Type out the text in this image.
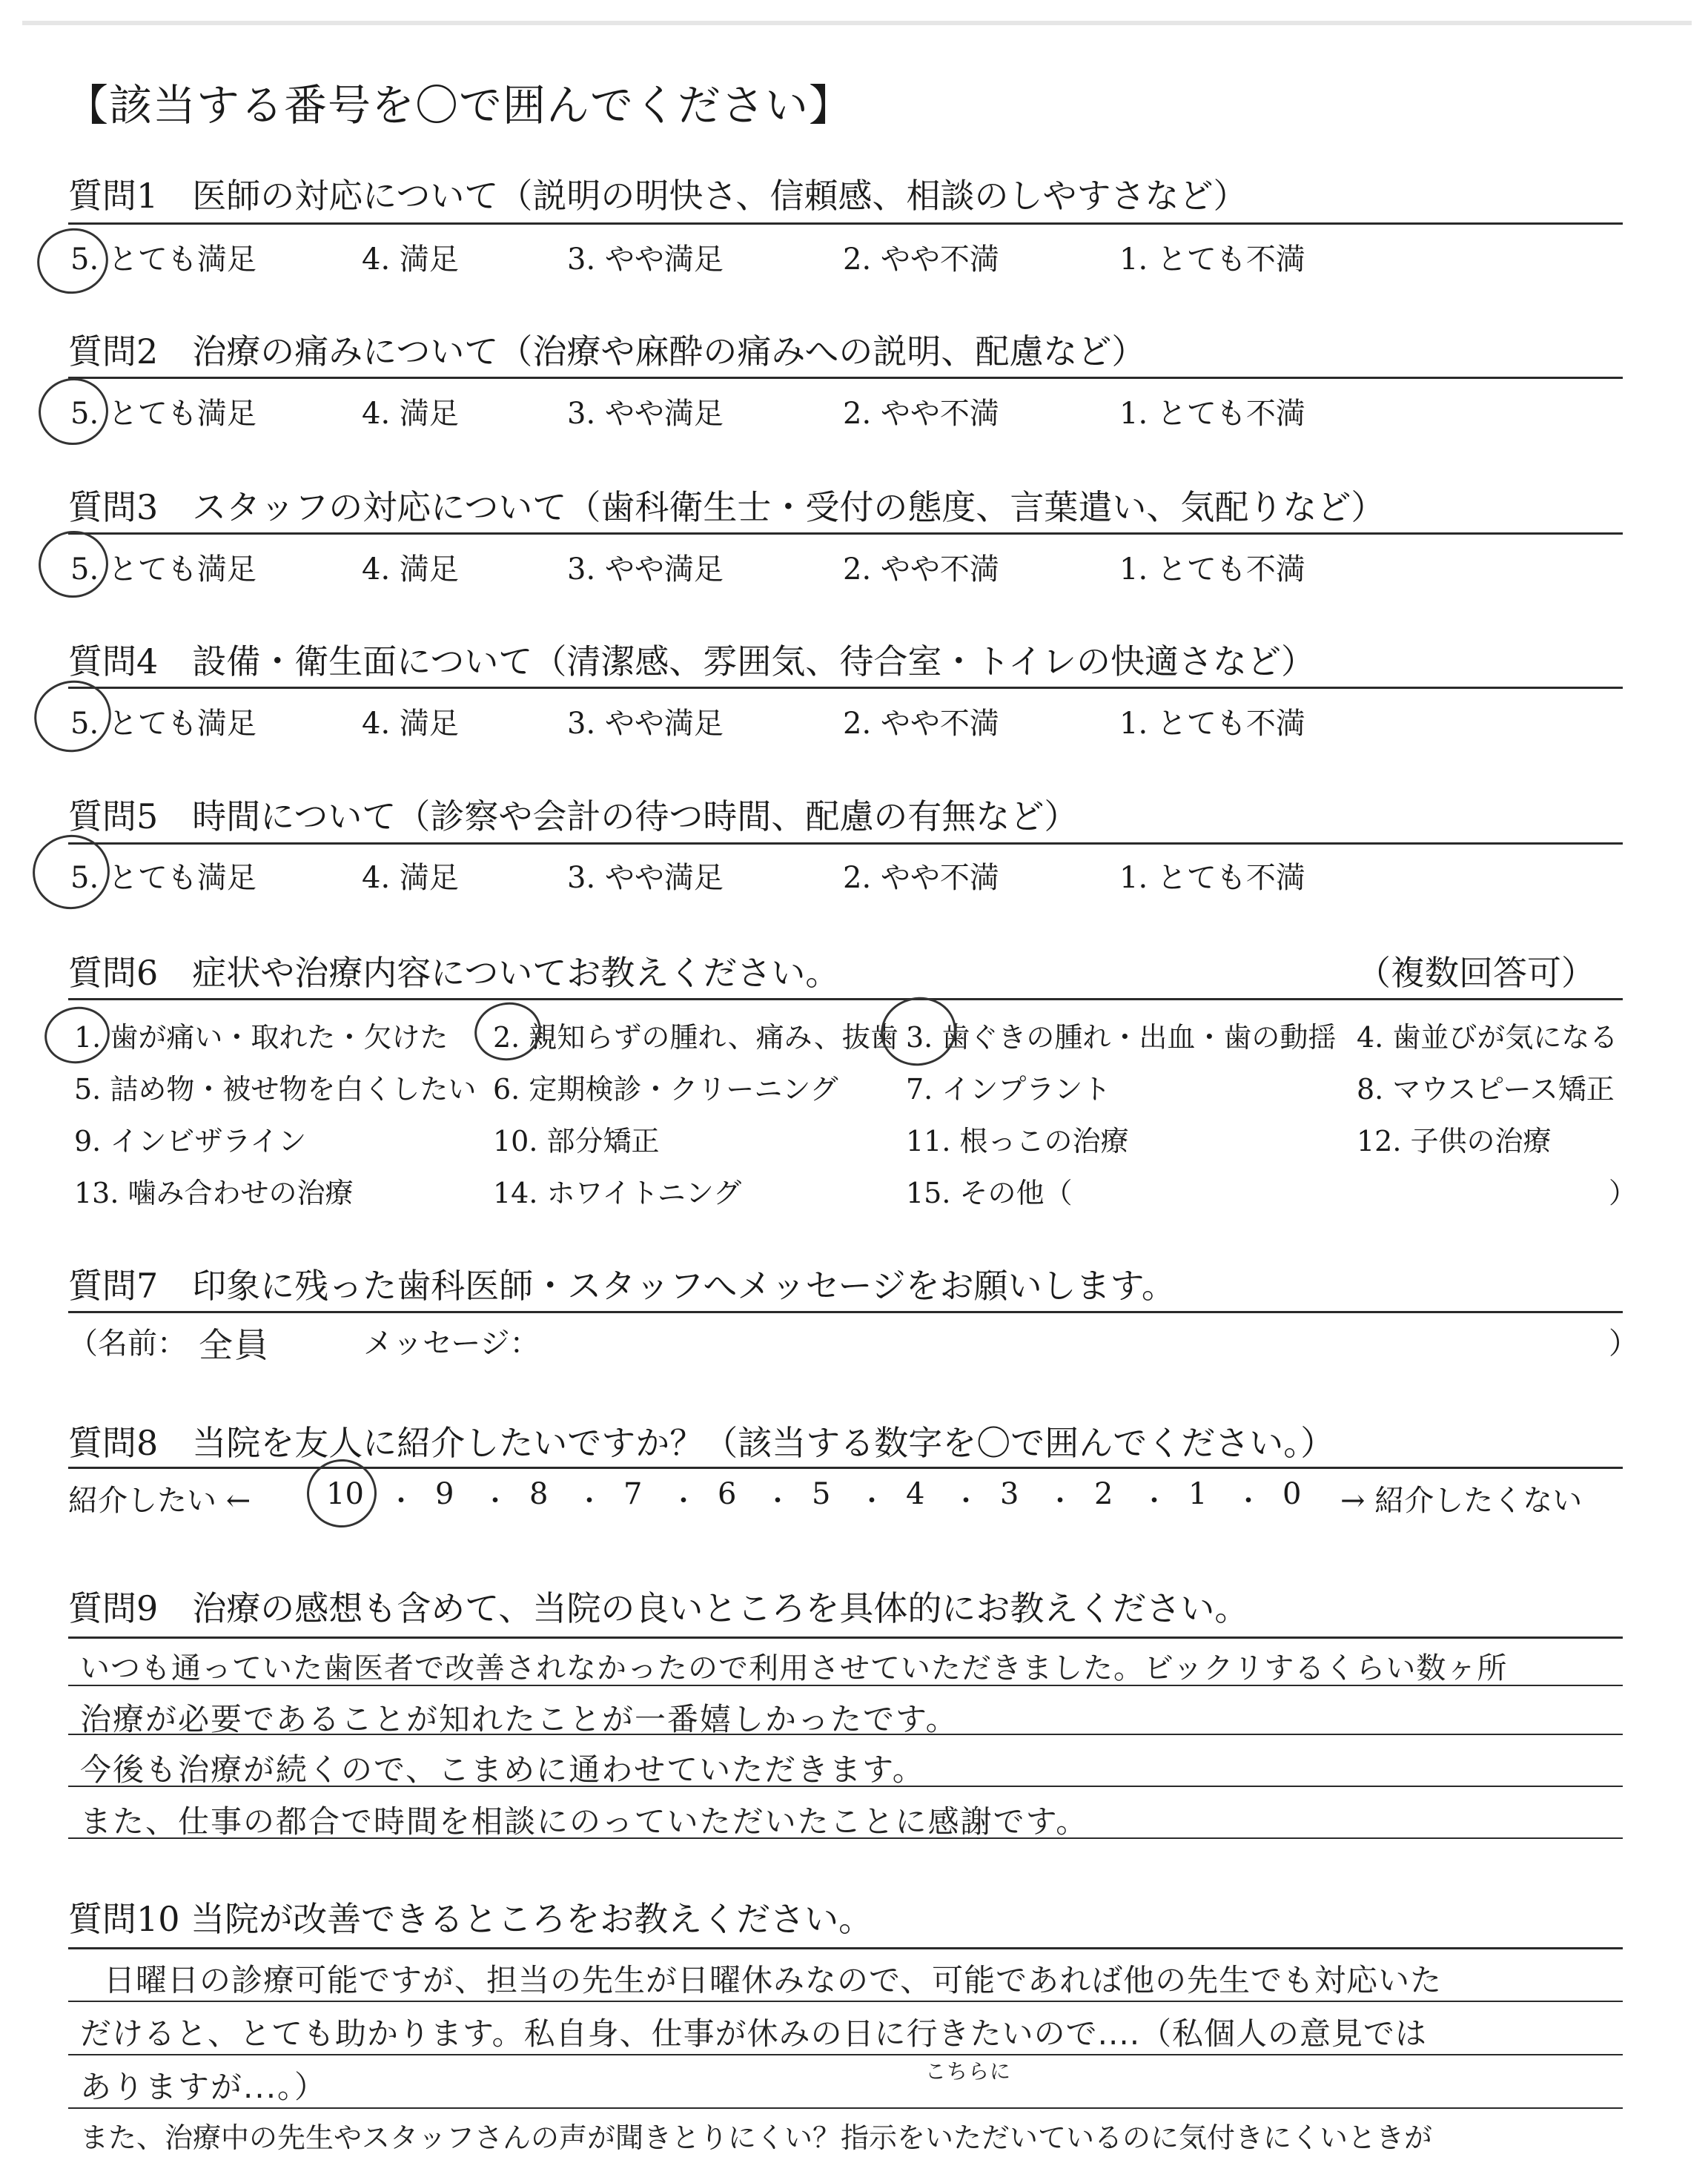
【該当する番号を〇で囲んでください】
質問1　医師の対応について（説明の明快さ、信頼感、相談のしやすさなど）
5. とても満足	4. 満足	3. やや満足	2. やや不満	1. とても不満
質問2　治療の痛みについて（治療や麻酔の痛みへの説明、配慮など）
5. とても満足	4. 満足	3. やや満足	2. やや不満	1. とても不満
質問3　スタッフの対応について（歯科衛生士・受付の態度、言葉遣い、気配りなど）
5. とても満足	4. 満足	3. やや満足	2. やや不満	1. とても不満
質問4　設備・衛生面について（清潔感、雰囲気、待合室・トイレの快適さなど）
5. とても満足	4. 満足	3. やや満足	2. やや不満	1. とても不満
質問5　時間について（診察や会計の待つ時間、配慮の有無など）
5. とても満足	4. 満足	3. やや満足	2. やや不満	1. とても不満
質問6　症状や治療内容についてお教えください。	（複数回答可）
1. 歯が痛い・取れた・欠けた 2. 親知らずの腫れ、痛み、抜歯 3. 歯ぐきの腫れ・出血・歯の動揺 4. 歯並びが気になる
5. 詰め物・被せ物を白くしたい 6. 定期検診・クリーニング 7. インプラント	8. マウスピース矯正
9. インビザライン	10. 部分矯正	11. 根っこの治療	12. 子供の治療
13. 噛み合わせの治療	14. ホワイトニング	15. その他（	）
質問7　印象に残った歯科医師・スタッフへメッセージをお願いします。
（名前： 全員	メッセージ：	）
質問8　当院を友人に紹介したいですか？（該当する数字を〇で囲んでください。）
紹介したい ←	→ 紹介したくない
10 ・ 9 ・ 8 ・ 7 ・ 6 ・ 5 ・ 4 ・ 3 ・ 2 ・ 1 ・ 0
質問9　治療の感想も含めて、当院の良いところを具体的にお教えください。
いつも通っていた歯医者で改善されなかったので利用させていただきました。ビックリするくらい数ヶ所
治療が必要であることが知れたことが一番嬉しかったです。
今後も治療が続くので、こまめに通わせていただきます。
また、仕事の都合で時間を相談にのっていただいたことに感謝です。
質問10 当院が改善できるところをお教えください。
日曜日の診療可能ですが、担当の先生が日曜休みなので、可能であれば他の先生でも対応いた
だけると、とても助かります。私自身、仕事が休みの日に行きたいので....（私個人の意見では
ありますが...。）	こちらに
また、治療中の先生やスタッフさんの声が聞きとりにくい？指示をいただいているのに気付きにくいときが
